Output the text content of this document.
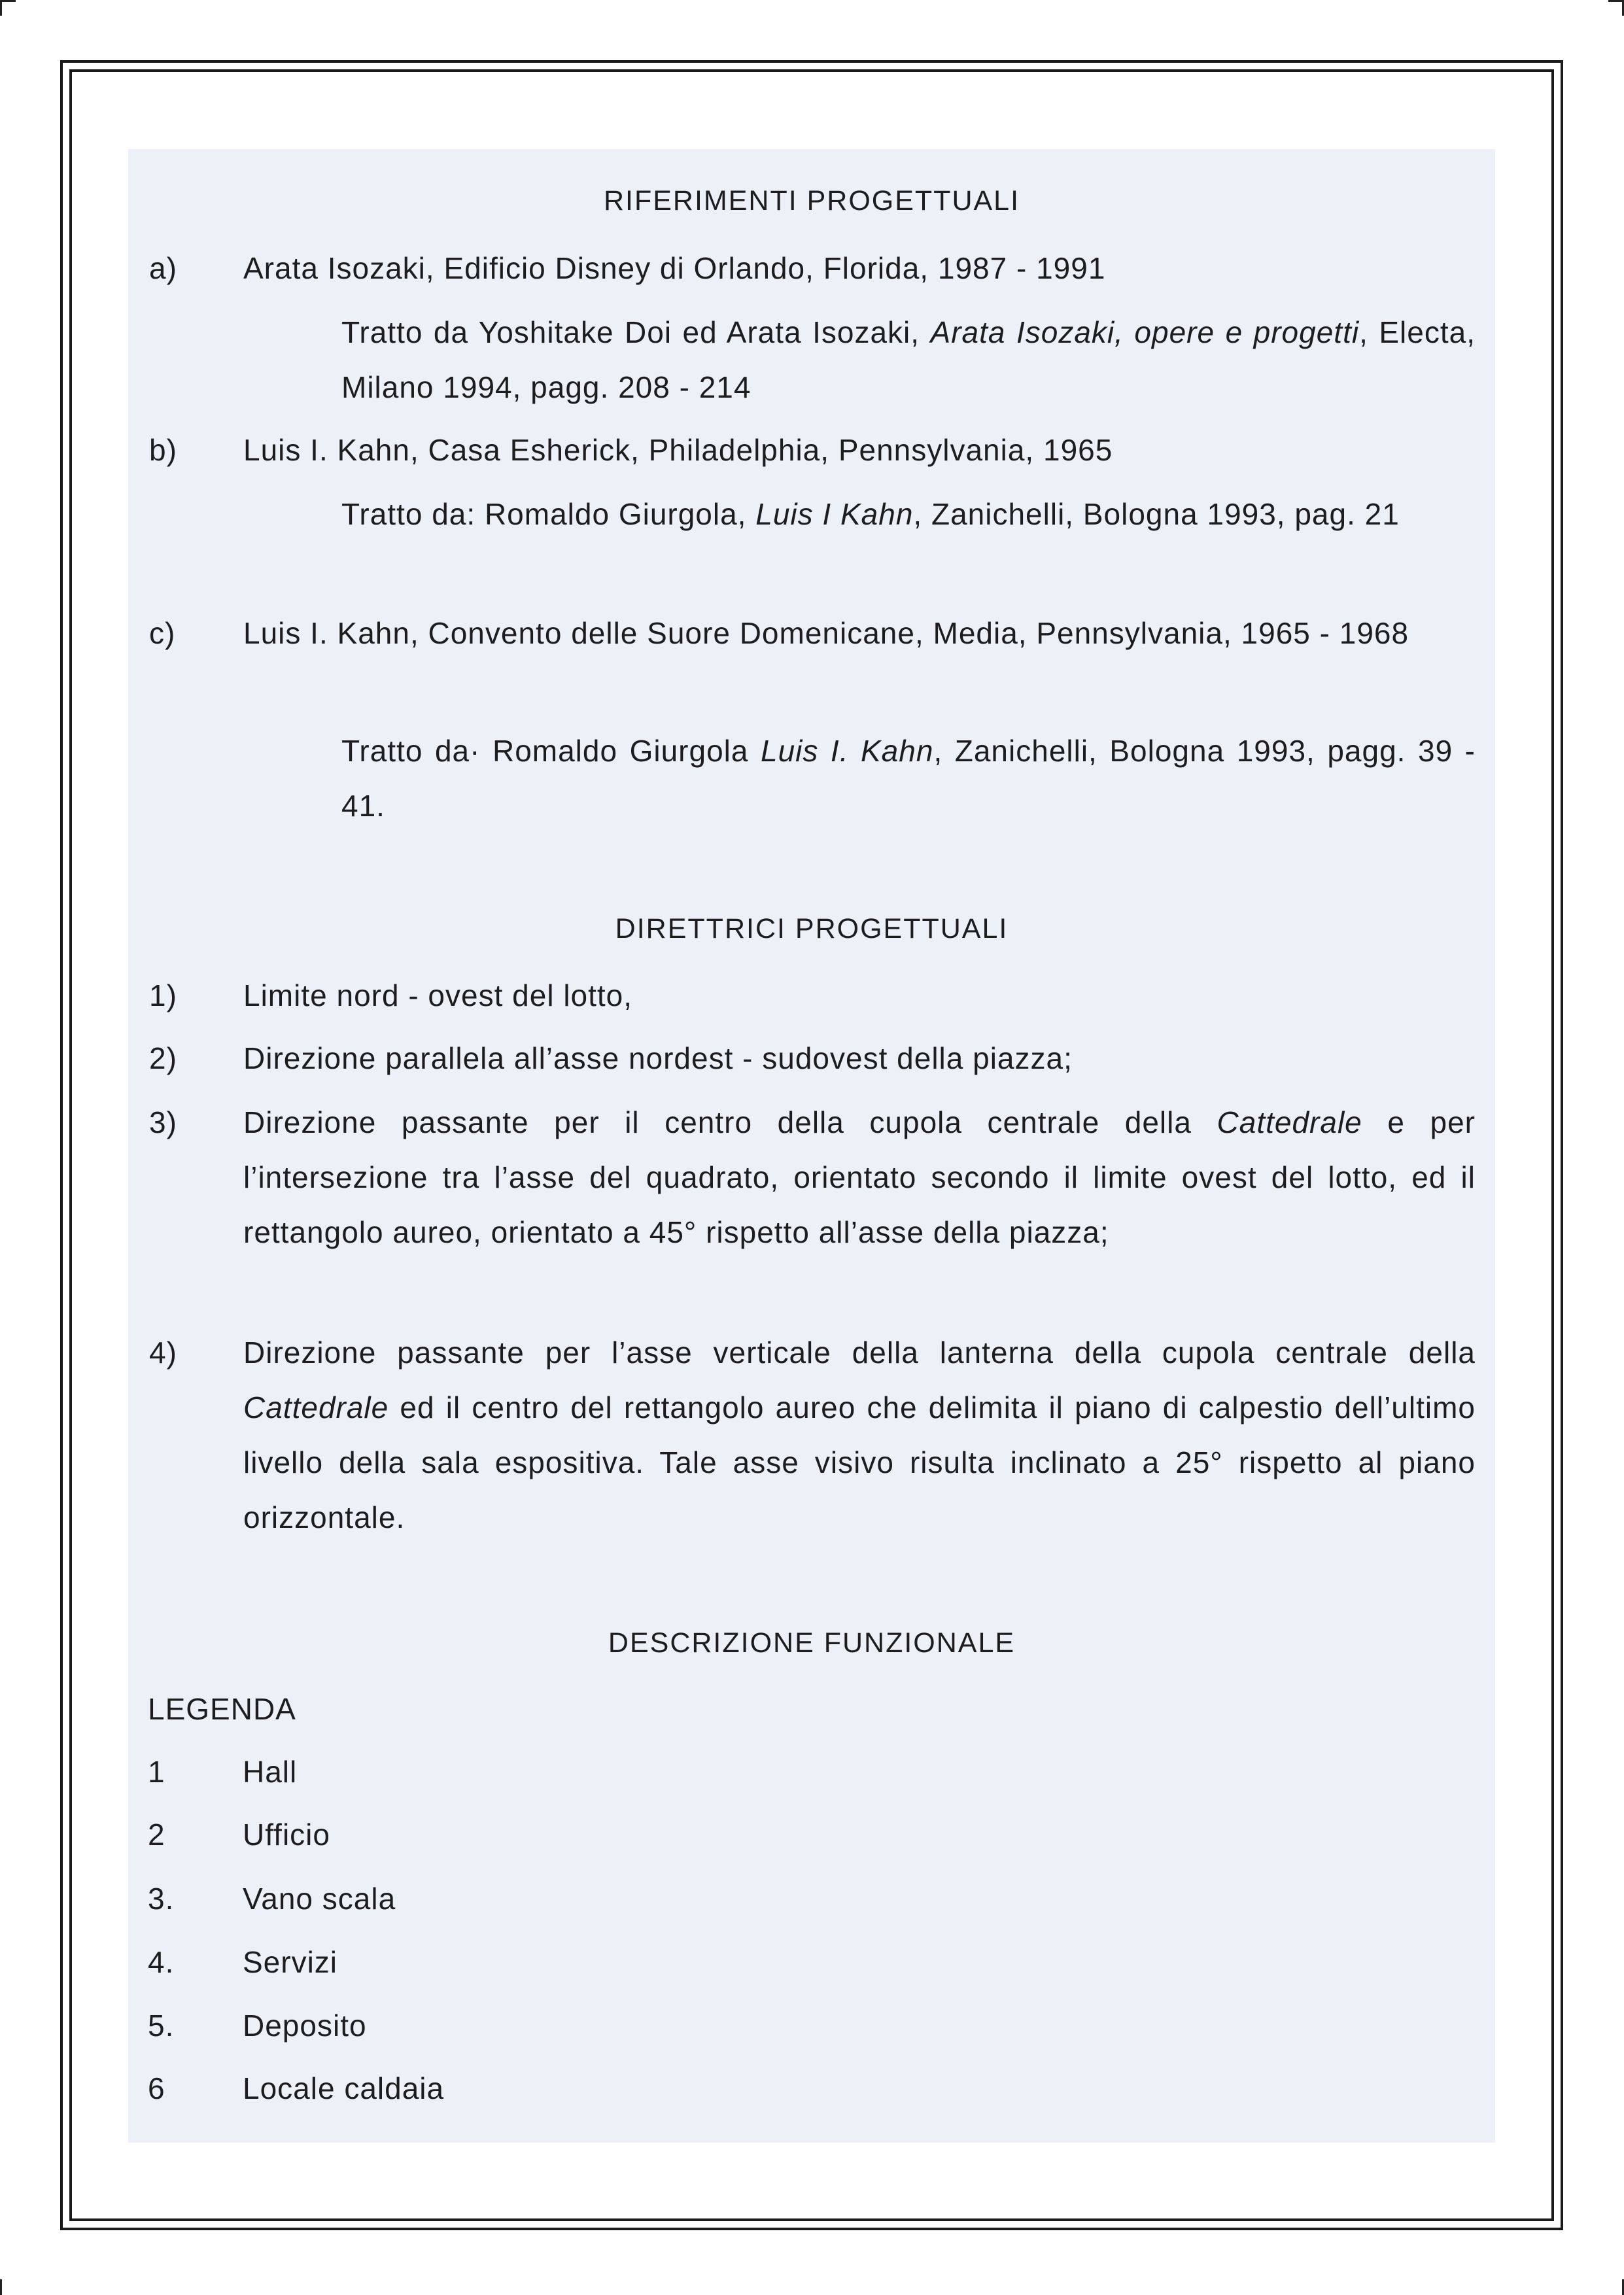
RIFERIMENTI PROGETTUALI
a) Arata Isozaki, Edificio Disney di Orlando, Florida, 1987 - 1991
Tratto da Yoshitake Doi ed Arata Isozaki, Arata Isozaki, opere e progetti, Electa, Milano 1994, pagg. 208 - 214
b) Luis I. Kahn, Casa Esherick, Philadelphia, Pennsylvania, 1965
Tratto da: Romaldo Giurgola, Luis I Kahn, Zanichelli, Bologna 1993, pag. 21
c) Luis I. Kahn, Convento delle Suore Domenicane, Media, Pennsylvania, 1965 - 1968
Tratto da· Romaldo Giurgola Luis I. Kahn, Zanichelli, Bologna 1993, pagg. 39 - 41.
DIRETTRICI PROGETTUALI
1) Limite nord - ovest del lotto,
2) Direzione parallela all’asse nordest - sudovest della piazza;
3) Direzione passante per il centro della cupola centrale della Cattedrale e per l’intersezione tra l’asse del quadrato, orientato secondo il limite ovest del lotto, ed il rettangolo aureo, orientato a 45° rispetto all’asse della piazza;
4) Direzione passante per l’asse verticale della lanterna della cupola centrale della Cattedrale ed il centro del rettangolo aureo che delimita il piano di calpestio dell’ultimo livello della sala espositiva. Tale asse visivo risulta inclinato a 25° rispetto al piano orizzontale.
DESCRIZIONE FUNZIONALE
LEGENDA
1	Hall
2	Ufficio
3. Vano scala
4. Servizi
5. Deposito
6	Locale caldaia
